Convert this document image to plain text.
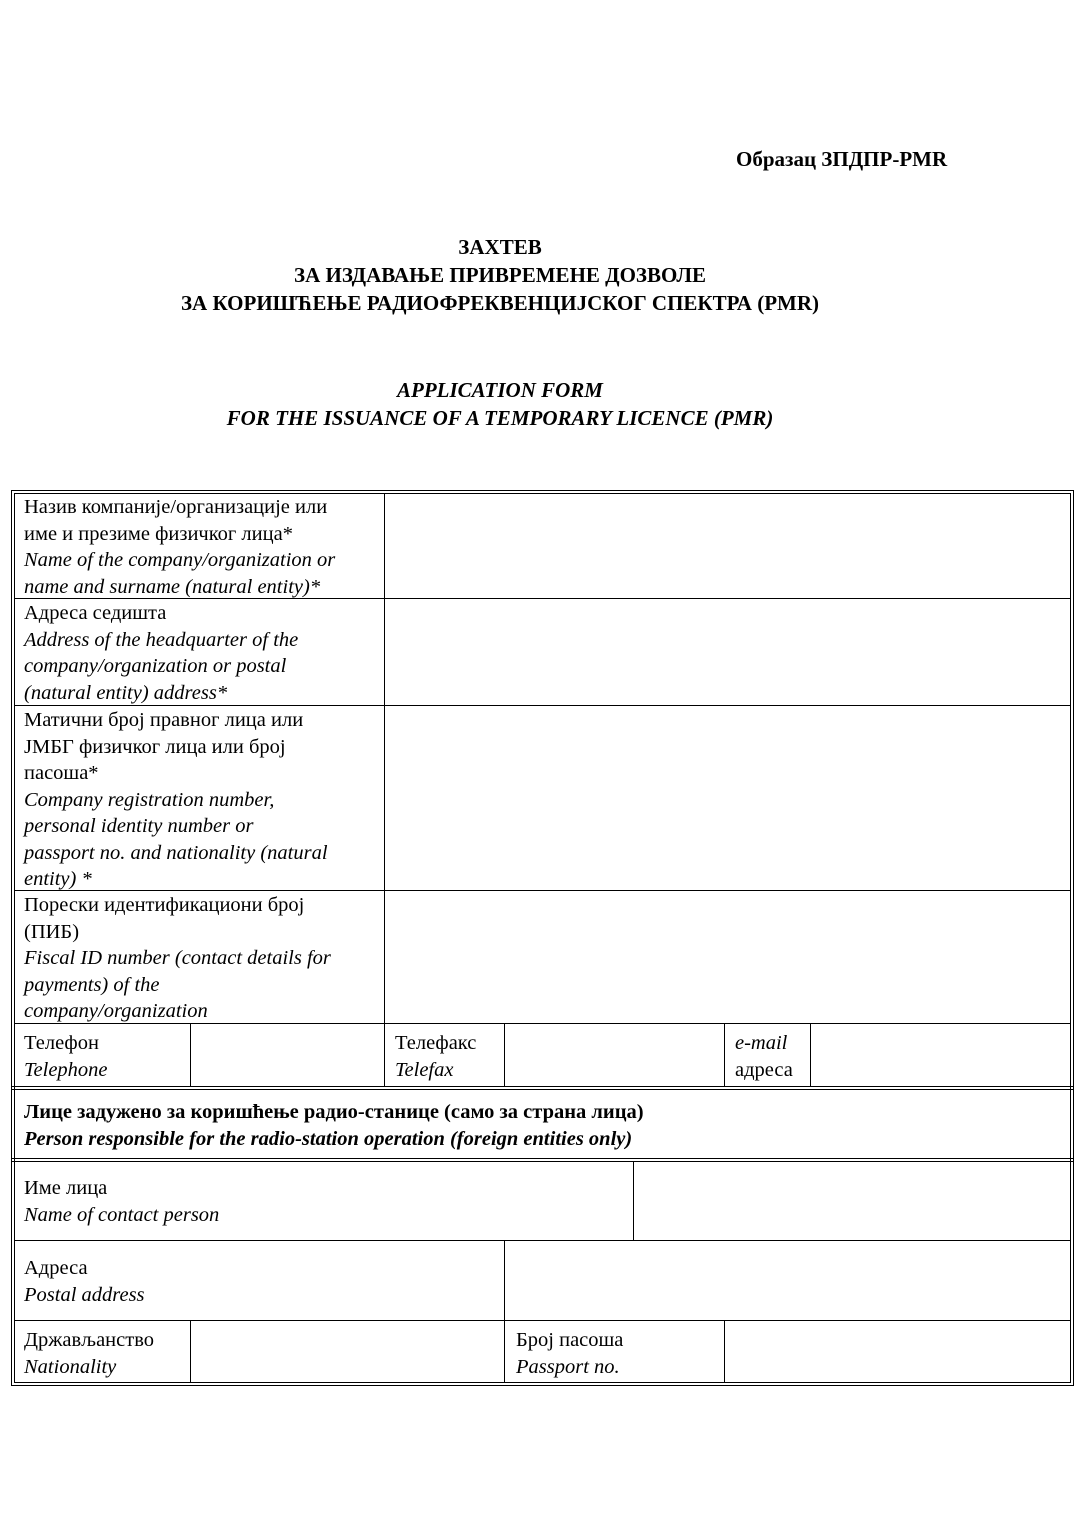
Образац ЗПДПР-PMR
ЗАХТЕВ
ЗА ИЗДАВАЊЕ ПРИВРЕМЕНЕ ДОЗВОЛЕ
ЗА КОРИШЋЕЊЕ РАДИОФРЕКВЕНЦИЈСКОГ СПЕКТРА (PMR)
APPLICATION FORM
FOR THE ISSUANCE OF A TEMPORARY LICENCE (PMR)
Назив компаније/организације или
име и презиме физичког лица*
Name of the company/organization or
name and surname (natural entity)*
Адреса седишта
Address of the headquarter of the
company/organization or postal
(natural entity) address*
Матични број правног лица или
ЈМБГ физичког лица или број
пасоша*
Company registration number,
personal identity number or
passport no. and nationality (natural
entity) *
Порески идентификациони број
(ПИБ)
Fiscal ID number (contact details for
payments) of the
company/organization
Телефон
Telephone
Телефакс
Telefax
e-mail
адреса
Лице задужено за коришћење радио-станице (само за страна лица)
Person responsible for the radio-station operation (foreign entities only)
Име лица
Name of contact person
Адреса
Postal address
Држављанство
Nationality
Број пасоша
Passport no.
